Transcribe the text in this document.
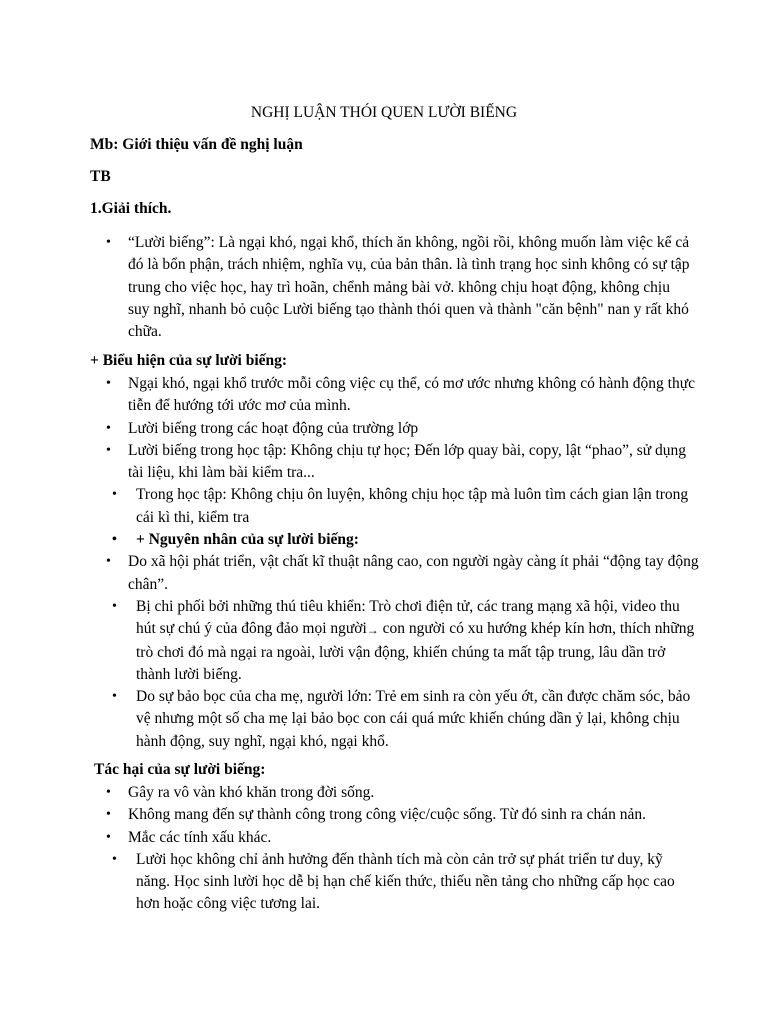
NGHỊ LUẬN THÓI QUEN LƯỜI BIẾNG
Mb: Giới thiệu vấn đề nghị luận
TB
1.Giải thích.
• “Lười biếng”: Là ngại khó, ngại khổ, thích ăn không, ngồi rồi, không muốn làm việc kể cả đó là bổn phận, trách nhiệm, nghĩa vụ, của bản thân. là tình trạng học sinh không có sự tập trung cho việc học, hay trì hoãn, chểnh mảng bài vở. không chịu hoạt động, không chịu suy nghĩ, nhanh bỏ cuộc Lười biếng tạo thành thói quen và thành "căn bệnh" nan y rất khó chữa.
+ Biểu hiện của sự lười biếng:
• Ngại khó, ngại khổ trước mỗi công việc cụ thể, có mơ ước nhưng không có hành động thực tiễn để hướng tới ước mơ của mình.
• Lười biếng trong các hoạt động của trường lớp
• Lười biếng trong học tập: Không chịu tự học; Đến lớp quay bài, copy, lật “phao”, sử dụng tài liệu, khi làm bài kiểm tra...
• Trong học tập: Không chịu ôn luyện, không chịu học tập mà luôn tìm cách gian lận trong cái kì thi, kiểm tra
• + Nguyên nhân của sự lười biếng:
• Do xã hội phát triển, vật chất kĩ thuật nâng cao, con người ngày càng ít phải “động tay động chân”.
• Bị chi phối bởi những thú tiêu khiển: Trò chơi điện tử, các trang mạng xã hội, video thu hút sự chú ý của đông đảo mọi người→ con người có xu hướng khép kín hơn, thích những trò chơi đó mà ngại ra ngoài, lười vận động, khiến chúng ta mất tập trung, lâu dần trở thành lười biếng.
• Do sự bảo bọc của cha mẹ, người lớn: Trẻ em sinh ra còn yếu ớt, cần được chăm sóc, bảo vệ nhưng một số cha mẹ lại bảo bọc con cái quá mức khiến chúng dần ỷ lại, không chịu hành động, suy nghĩ, ngại khó, ngại khổ.
Tác hại của sự lười biếng:
• Gây ra vô vàn khó khăn trong đời sống.
• Không mang đến sự thành công trong công việc/cuộc sống. Từ đó sinh ra chán nản.
• Mắc các tính xấu khác.
• Lười học không chỉ ảnh hưởng đến thành tích mà còn cản trở sự phát triển tư duy, kỹ năng. Học sinh lười học dễ bị hạn chế kiến thức, thiếu nền tảng cho những cấp học cao hơn hoặc công việc tương lai.
